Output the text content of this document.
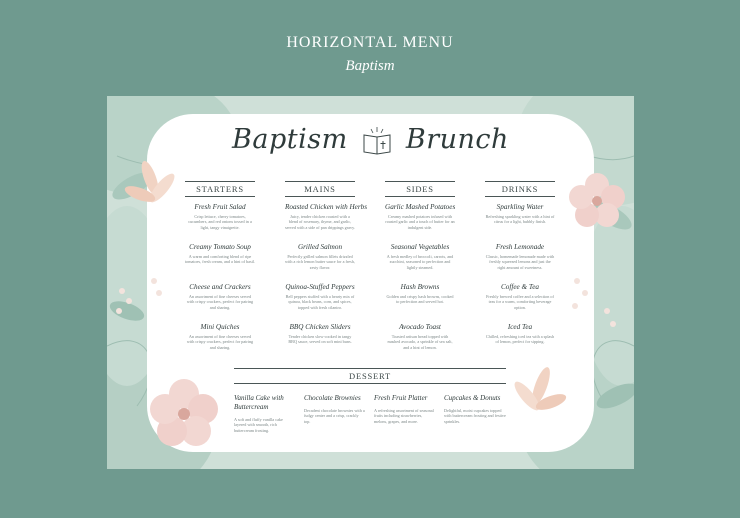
HORIZONTAL MENU
Baptism
Baptism Brunch
STARTERS
Fresh Fruit Salad
Crisp lettuce, cherry tomatoes, cucumbers, and red onions tossed in a light, tangy vinaigrette.
Creamy Tomato Soup
A warm and comforting blend of ripe tomatoes, fresh cream, and a hint of basil.
Cheese and Crackers
An assortment of fine cheeses served with crispy crackers, perfect for pairing and sharing.
Mini Quiches
An assortment of fine cheeses served with crispy crackers, perfect for pairing and sharing.
MAINS
Roasted Chicken with Herbs
Juicy, tender chicken roasted with a blend of rosemary, thyme, and garlic, served with a side of pan drippings gravy.
Grilled Salmon
Perfectly grilled salmon fillets drizzled with a rich lemon butter sauce for a fresh, zesty flavor.
Quinoa-Stuffed Peppers
Bell peppers stuffed with a hearty mix of quinoa, black beans, corn, and spices, topped with fresh cilantro.
BBQ Chicken Sliders
Tender chicken slow-cooked in tangy BBQ sauce, served on soft mini buns.
SIDES
Garlic Mashed Potatoes
Creamy mashed potatoes infused with roasted garlic and a touch of butter for an indulgent side.
Seasonal Vegetables
A fresh medley of broccoli, carrots, and zucchini, seasoned to perfection and lightly steamed.
Hash Browns
Golden and crispy hash browns, cooked to perfection and served hot.
Avocado Toast
Toasted artisan bread topped with mashed avocado, a sprinkle of sea salt, and a hint of lemon.
DRINKS
Sparkling Water
Refreshing sparkling water with a hint of citrus for a light, bubbly finish.
Fresh Lemonade
Classic, homemade lemonade made with freshly squeezed lemons and just the right amount of sweetness.
Coffee & Tea
Freshly brewed coffee and a selection of teas for a warm, comforting beverage option.
Iced Tea
Chilled, refreshing iced tea with a splash of lemon, perfect for sipping.
DESSERT
Vanilla Cake with Buttercream
A soft and fluffy vanilla cake layered with smooth, rich buttercream frosting.
Chocolate Brownies
Decadent chocolate brownies with a fudgy center and a crisp, crackly top.
Fresh Fruit Platter
A refreshing assortment of seasonal fruits including strawberries, melons, grapes, and more.
Cupcakes & Donuts
Delightful, moist cupcakes topped with buttercream frosting and festive sprinkles.
